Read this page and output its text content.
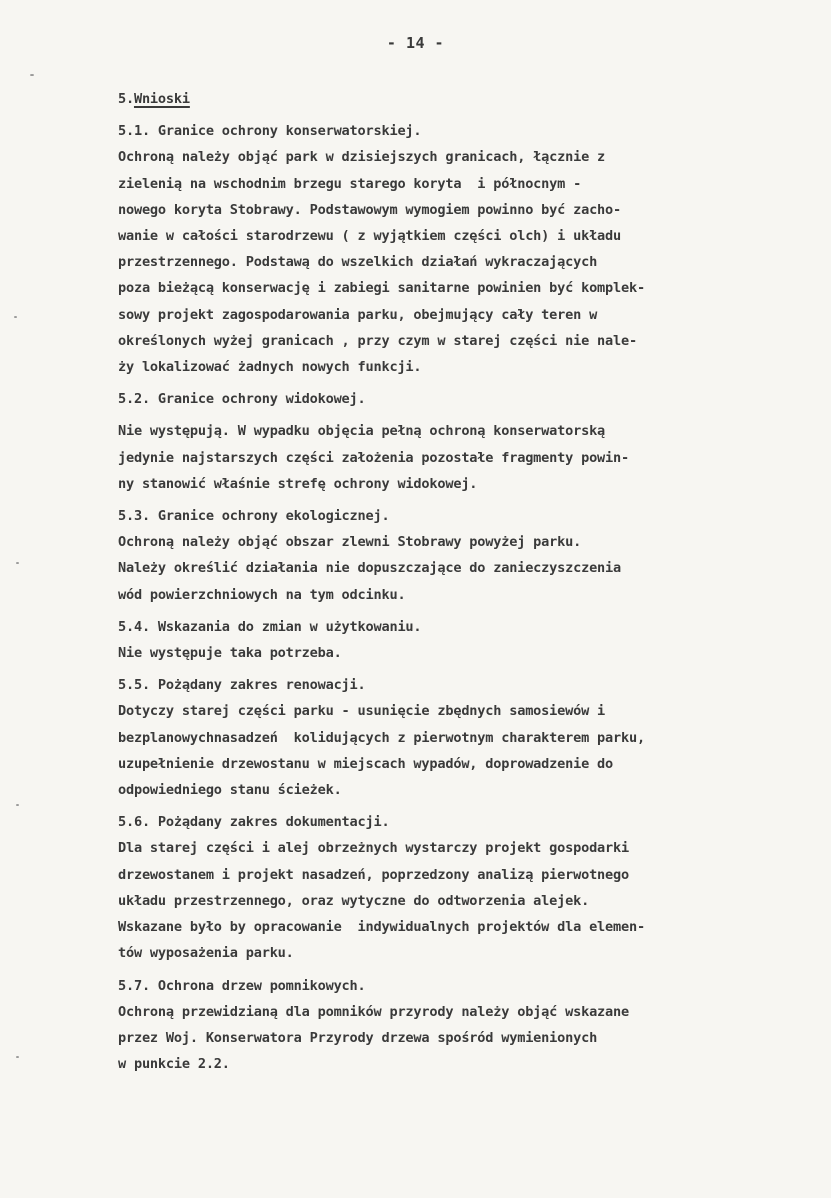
- 14 -
5.Wnioski
5.1. Granice ochrony konserwatorskiej.
Ochroną należy objąć park w dzisiejszych granicach, łącznie z
zielenią na wschodnim brzegu starego koryta  i północnym -
nowego koryta Stobrawy. Podstawowym wymogiem powinno być zacho-
wanie w całości starodrzewu ( z wyjątkiem części olch) i układu
przestrzennego. Podstawą do wszelkich działań wykraczających
poza bieżącą konserwację i zabiegi sanitarne powinien być komplek-
sowy projekt zagospodarowania parku, obejmujący cały teren w
określonych wyżej granicach , przy czym w starej części nie nale-
ży lokalizować żadnych nowych funkcji.
5.2. Granice ochrony widokowej.
Nie występują. W wypadku objęcia pełną ochroną konserwatorską
jedynie najstarszych części założenia pozostałe fragmenty powin-
ny stanowić właśnie strefę ochrony widokowej.
5.3. Granice ochrony ekologicznej.
Ochroną należy objąć obszar zlewni Stobrawy powyżej parku.
Należy określić działania nie dopuszczające do zanieczyszczenia
wód powierzchniowych na tym odcinku.
5.4. Wskazania do zmian w użytkowaniu.
Nie występuje taka potrzeba.
5.5. Pożądany zakres renowacji.
Dotyczy starej części parku - usunięcie zbędnych samosiewów i
bezplanowychnasadzeń  kolidujących z pierwotnym charakterem parku,
uzupełnienie drzewostanu w miejscach wypadów, doprowadzenie do
odpowiedniego stanu ścieżek.
5.6. Pożądany zakres dokumentacji.
Dla starej części i alej obrzeżnych wystarczy projekt gospodarki
drzewostanem i projekt nasadzeń, poprzedzony analizą pierwotnego
układu przestrzennego, oraz wytyczne do odtworzenia alejek.
Wskazane było by opracowanie  indywidualnych projektów dla elemen-
tów wyposażenia parku.
5.7. Ochrona drzew pomnikowych.
Ochroną przewidzianą dla pomników przyrody należy objąć wskazane
przez Woj. Konserwatora Przyrody drzewa spośród wymienionych
w punkcie 2.2.
